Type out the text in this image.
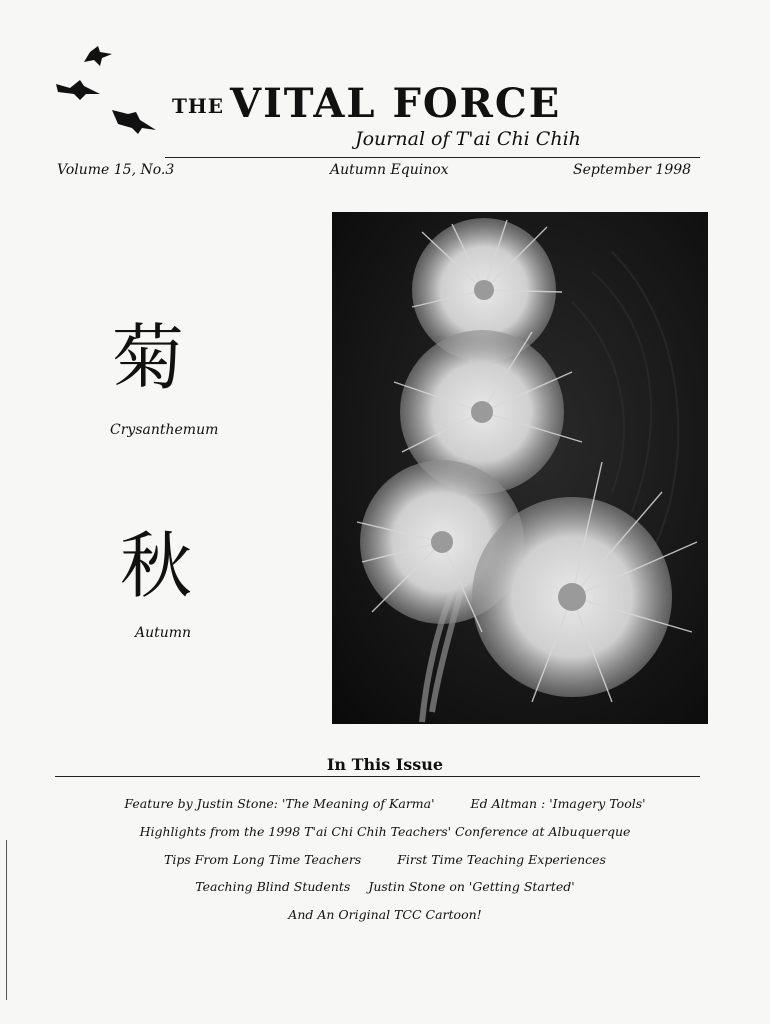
THE VITAL FORCE
Journal of T'ai Chi Chih
Volume 15, No.3	Autumn Equinox	September 1998
菊
Crysanthemum
秋
Autumn
In This Issue
Feature by Justin Stone: 'The Meaning of Karma'	Ed Altman : 'Imagery Tools'
Highlights from the 1998 T'ai Chi Chih Teachers' Conference at Albuquerque
Tips From Long Time Teachers	First Time Teaching Experiences
Teaching Blind Students Justin Stone on 'Getting Started'
And An Original TCC Cartoon!
